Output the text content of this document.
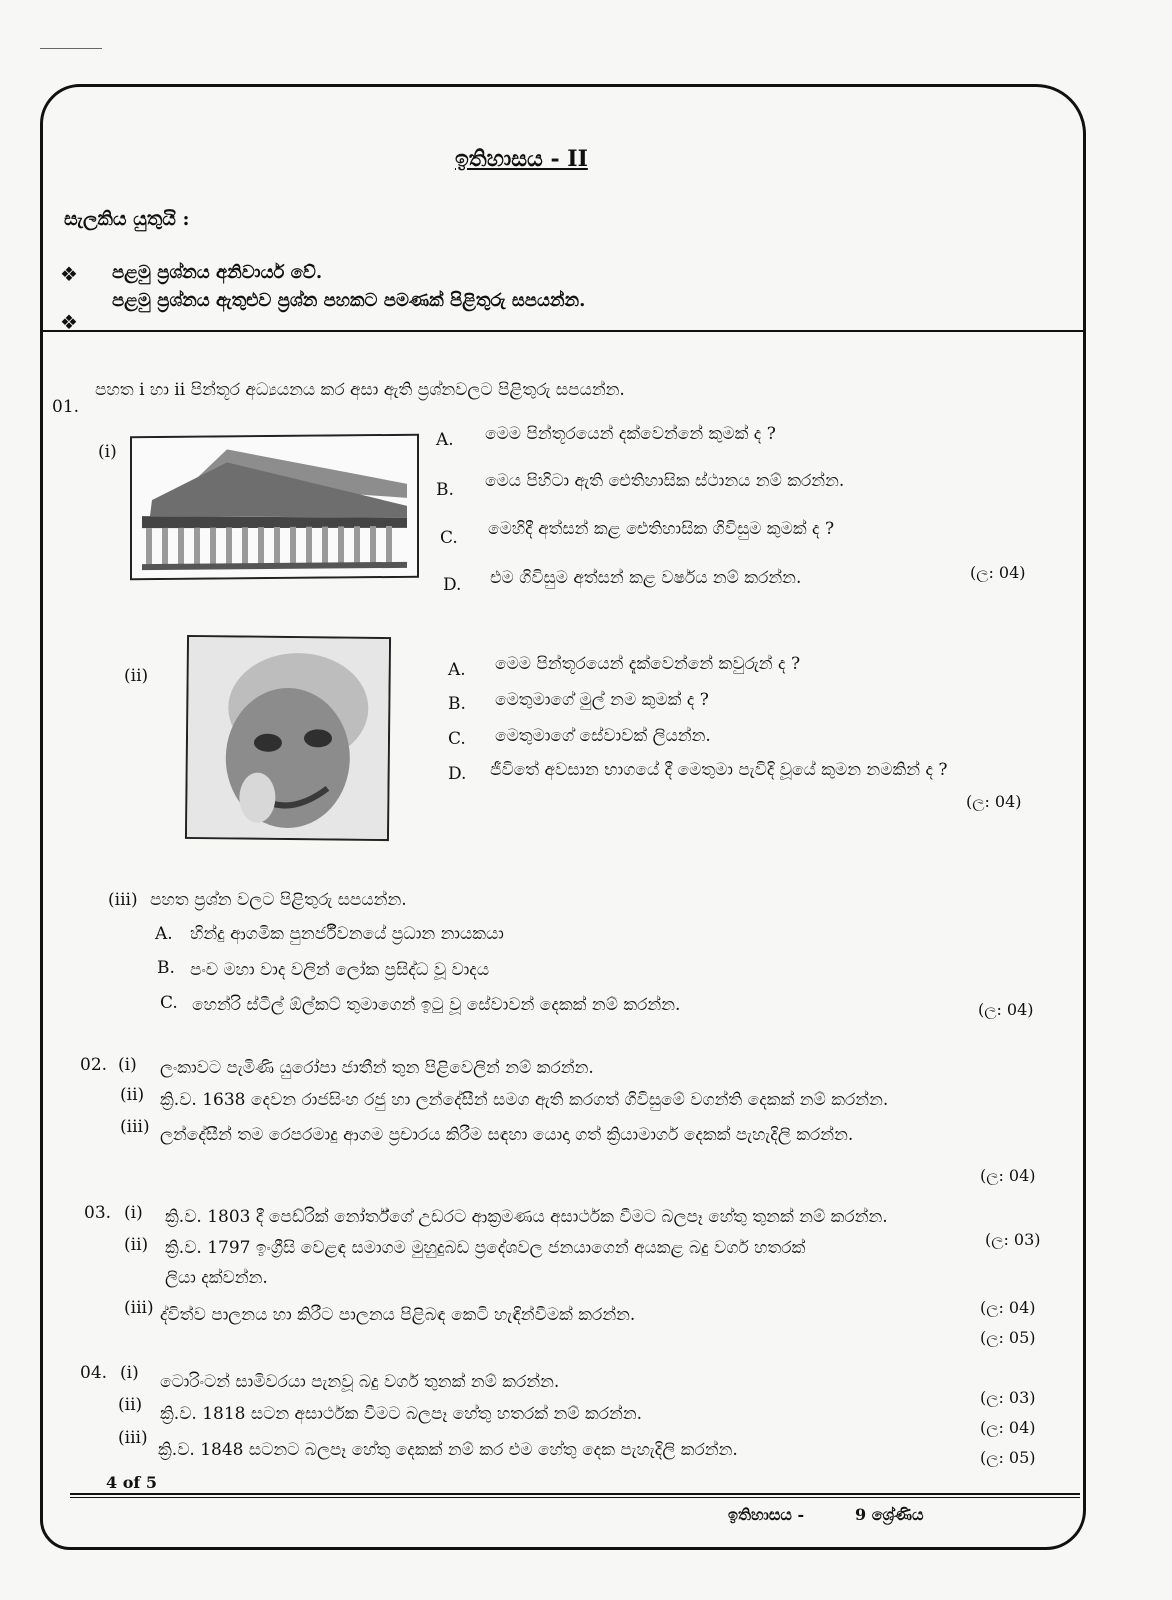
ඉතිහාසය - II
සැලකිය යුතුයි :
❖ පළමු ප්‍රශ්නය අනිවාර්ය වේ.
❖
පළමු ප්‍රශ්නය ඇතුළුව ප්‍රශ්න පහකට පමණක් පිළිතුරු සපයන්න.
01.
පහත i හා ii පින්තූර අධ්‍යයනය කර අසා ඇති ප්‍රශ්නවලට පිළිතුරු සපයන්න.
(i)
A. මෙම පින්තූරයෙන් දක්වෙන්නේ කුමක් ද ?
B. මෙය පිහිටා ඇති ඓතිහාසික ස්ථානය නම් කරන්න.
C. මෙහිදී අත්සන් කළ ඓතිහාසික ගිවිසුම කුමක් ද ?
D. එම ගිවිසුම අත්සන් කළ වර්ෂය නම් කරන්න.	(ල: 04)
(ii)	A. මෙම පින්තූරයෙන් දැක්වෙන්නේ කවුරුන් ද ?
B. මෙතුමාගේ මුල් නම කුමක් ද ?
C. මෙතුමාගේ සේවාවක් ලියන්න.
D. ජීවිතේ අවසාන භාගයේ දී මෙතුමා පැවිදි වූයේ කුමන නමකින් ද ?
(ල: 04)
(iii) පහත ප්‍රශ්න වලට පිළිතුරු සපයන්න.
A. හින්දු ආගමික පුනර්ජීවනයේ ප්‍රධාන නායකයා
B. පංච මහා වාද වලින් ලෝක ප්‍රසිද්ධ වූ වාදය
C. හෙන්රි ස්ටීල් ඕල්කට් තුමාගෙන් ඉටු වූ සේවාවන් දෙකක් නම් කරන්න.	(ල: 04)
02. (i) ලංකාවට පැමිණි යුරෝපා ජාතීන් තුන පිළිවෙලින් නම් කරන්න.
(ii) ක්‍රි.ව. 1638 දෙවන රාජසිංහ රජු හා ලන්දේසීන් සමග ඇති කරගත් ගිවිසුමේ වගන්ති දෙකක් නම් කරන්න.
(iii) ලන්දේසීන් තම රෙපරමාදු ආගම ප්‍රචාරය කිරීම සඳහා යොදා ගත් ක්‍රියාමාර්ග දෙකක් පැහැදිලි කරන්න.
(ල: 04)
03. (i) ක්‍රි.ව. 1803 දී පෙඩ්රික් නෝර්ත්ගේ උඩරට ආක්‍රමණය අසාර්ථක වීමට බලපෑ හේතු තුනක් නම් කරන්න.
(ල: 03)
(ii) ක්‍රි.ව. 1797 ඉංග්‍රීසි වෙළඳ සමාගම මුහුදුබඩ ප්‍රදේශවල ජනයාගෙන් අයකළ බදු වර්ග හතරක්
ලියා දක්වන්න.
(ල: 04)
(iii) ද්විත්ව පාලනය හා කිරීට පාලනය පිළිබඳ කෙටි හැඳින්වීමක් කරන්න.
(ල: 05)
04. (i) ටොරිංටන් සාමිවරයා පැනවූ බදු වර්ග තුනක් නම් කරන්න.
(ල: 03)
(ii) ක්‍රි.ව. 1818 සටන අසාර්ථක වීමට බලපෑ හේතු හතරක් නම් කරන්න.
(ල: 04)
(iii)
ක්‍රි.ව. 1848 සටනට බලපෑ හේතු දෙකක් නම් කර එම හේතු දෙක පැහැදිලි කරන්න.	(ල: 05)
4 of 5
ඉතිහාසය -	9 ශ්‍රේණිය
